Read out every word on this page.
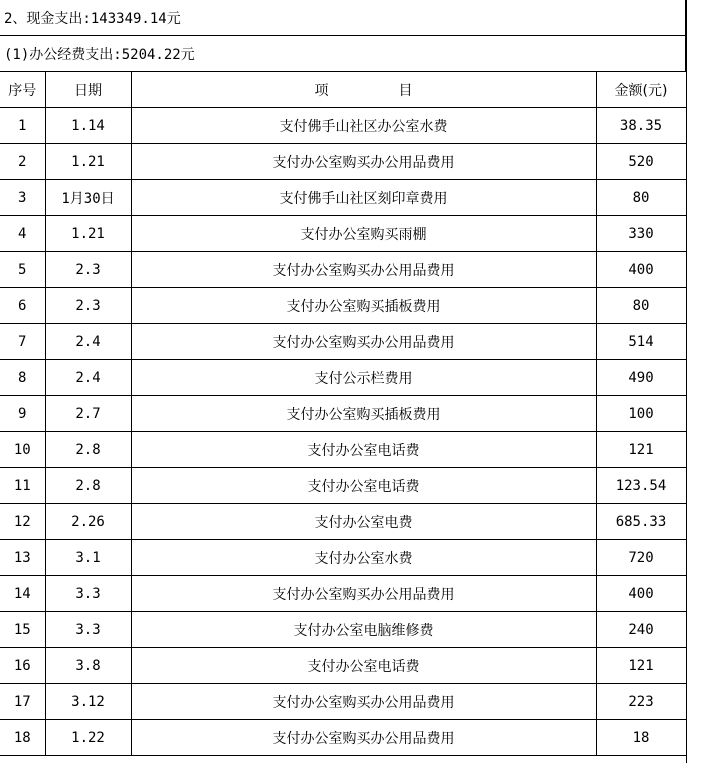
2、现金支出:143349.14元
(1)办公经费支出:5204.22元
序号	日期	项　　　　　目	金额(元)
1	1.14	支付佛手山社区办公室水费	38.35
2	1.21	支付办公室购买办公用品费用	520
3	1月30日	支付佛手山社区刻印章费用	80
4	1.21	支付办公室购买雨棚	330
5	2.3	支付办公室购买办公用品费用	400
6	2.3	支付办公室购买插板费用	80
7	2.4	支付办公室购买办公用品费用	514
8	2.4	支付公示栏费用	490
9	2.7	支付办公室购买插板费用	100
10	2.8	支付办公室电话费	121
11	2.8	支付办公室电话费	123.54
12	2.26	支付办公室电费	685.33
13	3.1	支付办公室水费	720
14	3.3	支付办公室购买办公用品费用	400
15	3.3	支付办公室电脑维修费	240
16	3.8	支付办公室电话费	121
17	3.12	支付办公室购买办公用品费用	223
18	1.22	支付办公室购买办公用品费用	18
